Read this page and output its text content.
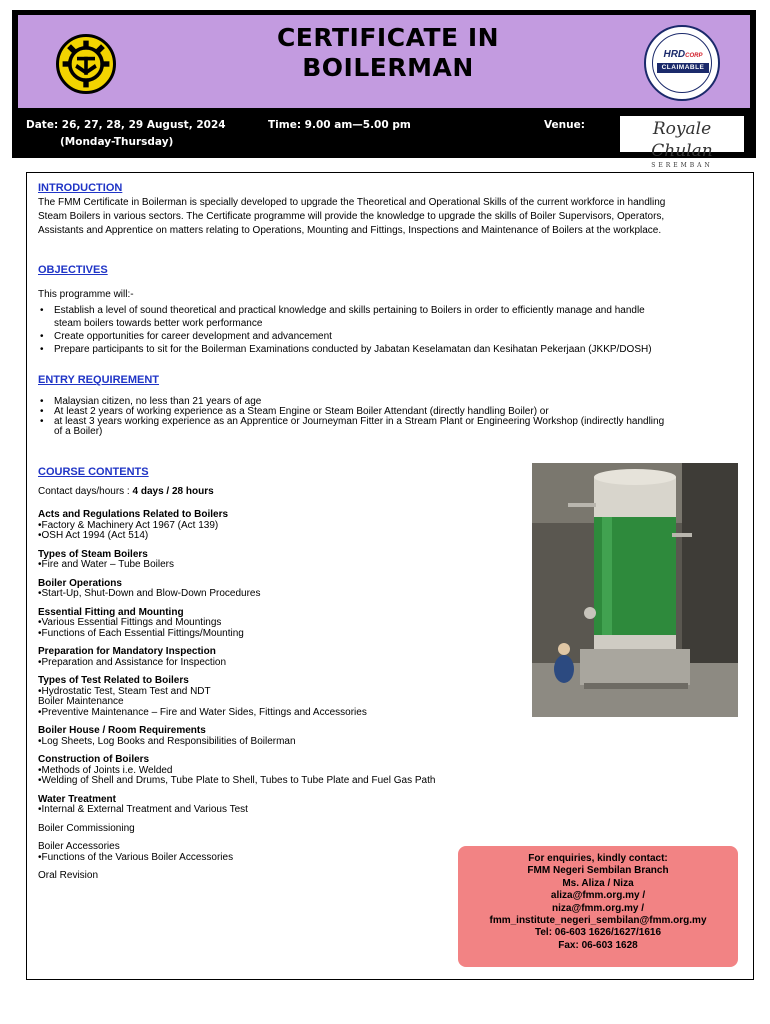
CERTIFICATE IN
BOILERMAN	HRDCORP
CLAIMABLE
Date: 26, 27, 28, 29 August, 2024
(Monday-Thursday)
Time: 9.00 am—5.00 pm	Venue:	Royale Chulan
SEREMBAN
INTRODUCTION
The FMM Certificate in Boilerman is specially developed to upgrade the Theoretical and Operational Skills of the current workforce in handling
Steam Boilers in various sectors. The Certificate programme will provide the knowledge to upgrade the skills of Boiler Supervisors, Operators,
Assistants and Apprentice on matters relating to Operations, Mounting and Fittings, Inspections and Maintenance of Boilers at the workplace.
OBJECTIVES
This programme will:-
• Establish a level of sound theoretical and practical knowledge and skills pertaining to Boilers in order to efficiently manage and handle
steam boilers towards better work performance
• Create opportunities for career development and advancement
• Prepare participants to sit for the Boilerman Examinations conducted by Jabatan Keselamatan dan Kesihatan Pekerjaan (JKKP/DOSH)
ENTRY REQUIREMENT
• Malaysian citizen, no less than 21 years of age
• At least 2 years of working experience as a Steam Engine or Steam Boiler Attendant (directly handling Boiler) or
• at least 3 years working experience as an Apprentice or Journeyman Fitter in a Stream Plant or Engineering Workshop (indirectly handling
of a Boiler)
COURSE CONTENTS
Contact days/hours : 4 days / 28 hours
Acts and Regulations Related to Boilers
•Factory & Machinery Act 1967 (Act 139)
•OSH Act 1994 (Act 514)
Types of Steam Boilers
•Fire and Water – Tube Boilers
Boiler Operations
•Start-Up, Shut-Down and Blow-Down Procedures
Essential Fitting and Mounting
•Various Essential Fittings and Mountings
•Functions of Each Essential Fittings/Mounting
Preparation for Mandatory Inspection
•Preparation and Assistance for Inspection
Types of Test Related to Boilers
•Hydrostatic Test, Steam Test and NDT
Boiler Maintenance
•Preventive Maintenance – Fire and Water Sides, Fittings and Accessories
Boiler House / Room Requirements
•Log Sheets, Log Books and Responsibilities of Boilerman
Construction of Boilers
•Methods of Joints i.e. Welded
•Welding of Shell and Drums, Tube Plate to Shell, Tubes to Tube Plate and Fuel Gas Path
Water Treatment
•Internal & External Treatment and Various Test
Boiler Commissioning
Boiler Accessories
•Functions of the Various Boiler Accessories
Oral Revision
For enquiries, kindly contact:
FMM Negeri Sembilan Branch
Ms. Aliza / Niza
aliza@fmm.org.my /
niza@fmm.org.my /
fmm_institute_negeri_sembilan@fmm.org.my
Tel: 06-603 1626/1627/1616
Fax: 06-603 1628
